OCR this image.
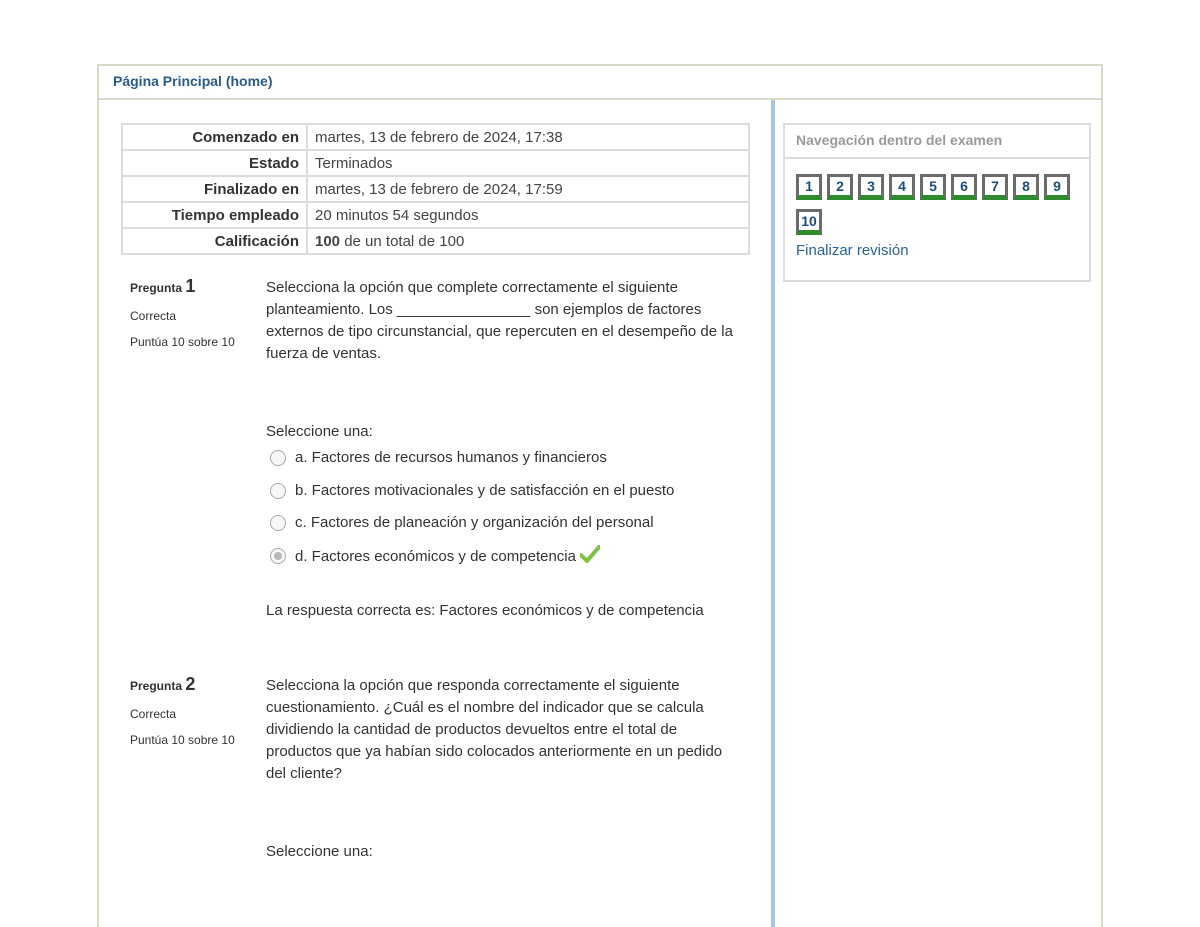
Página Principal (home)
Comenzado en	martes, 13 de febrero de 2024, 17:38
Estado	Terminados
Finalizado en	martes, 13 de febrero de 2024, 17:59
Tiempo empleado	20 minutos 54 segundos
Calificación	100 de un total de 100
Pregunta 1
Correcta
Puntúa 10 sobre 10
Selecciona la opción que complete correctamente el siguiente planteamiento. Los ________________ son ejemplos de factores externos de tipo circunstancial, que repercuten en el desempeño de la fuerza de ventas.
Seleccione una:
a. Factores de recursos humanos y financieros
b. Factores motivacionales y de satisfacción en el puesto
c. Factores de planeación y organización del personal
d. Factores económicos y de competencia
La respuesta correcta es: Factores económicos y de competencia
Pregunta 2
Correcta
Puntúa 10 sobre 10
Selecciona la opción que responda correctamente el siguiente cuestionamiento. ¿Cuál es el nombre del indicador que se calcula dividiendo la cantidad de productos devueltos entre el total de productos que ya habían sido colocados anteriormente en un pedido del cliente?
Seleccione una:
Navegación dentro del examen
1	2	3	4	5	6	7	8	9
10
Finalizar revisión
